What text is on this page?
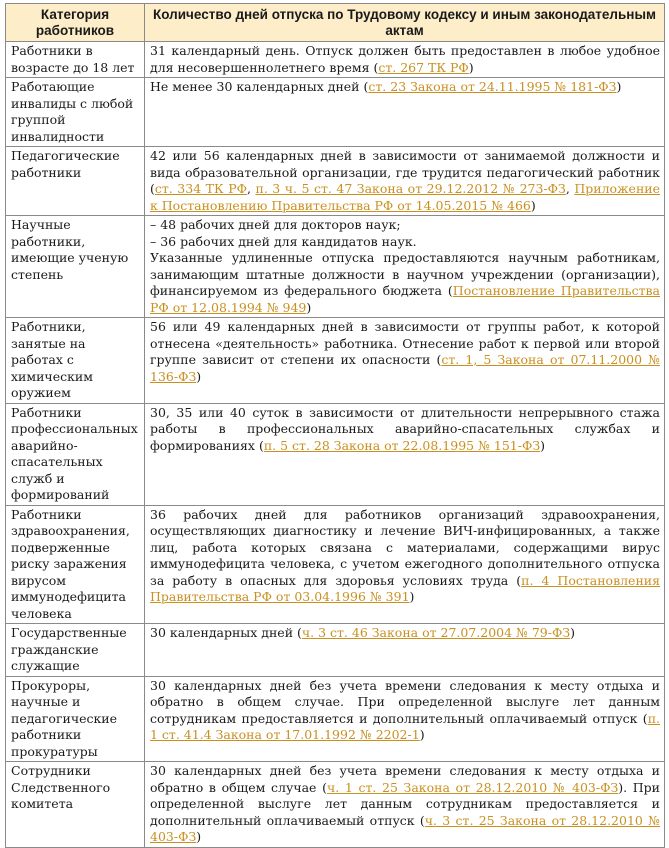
Категория работников	Количество дней отпуска по Трудовому кодексу и иным законодательным актам
Работники в возрасте до 18 лет	31 календарный день. Отпуск должен быть предоставлен в любое удобное для несовершеннолетнего время (ст. 267 ТК РФ)
Работающие инвалиды с любой группой инвалидности	Не менее 30 календарных дней (ст. 23 Закона от 24.11.1995 № 181-ФЗ)
Педагогические работники	42 или 56 календарных дней в зависимости от занимаемой должности и вида образовательной организации, где трудится педагогический работник (ст. 334 ТК РФ, п. 3 ч. 5 ст. 47 Закона от 29.12.2012 № 273-ФЗ, Приложение к Постановлению Правительства РФ от 14.05.2015 № 466)
Научные работники, имеющие ученую степень	– 48 рабочих дней для докторов наук;
– 36 рабочих дней для кандидатов наук.
Указанные удлиненные отпуска предоставляются научным работникам, занимающим штатные должности в научном учреждении (организации), финансируемом из федерального бюджета (Постановление Правительства РФ от 12.08.1994 № 949)
Работники, занятые на работах с химическим оружием	56 или 49 календарных дней в зависимости от группы работ, к которой отнесена «деятельность» работника. Отнесение работ к первой или второй группе зависит от степени их опасности (ст. 1, 5 Закона от 07.11.2000 № 136-ФЗ)
Работники профессиональных аварийно-спасательных служб и формирований	30, 35 или 40 суток в зависимости от длительности непрерывного стажа работы в профессиональных аварийно-спасательных службах и формированиях (п. 5 ст. 28 Закона от 22.08.1995 № 151-ФЗ)
Работники здравоохранения, подверженные риску заражения вирусом иммунодефицита человека	36 рабочих дней для работников организаций здравоохранения, осуществляющих диагностику и лечение ВИЧ-инфицированных, а также лиц, работа которых связана с материалами, содержащими вирус иммунодефицита человека, с учетом ежегодного дополнительного отпуска за работу в опасных для здоровья условиях труда (п. 4 Постановления Правительства РФ от 03.04.1996 № 391)
Государственные гражданские служащие	30 календарных дней (ч. 3 ст. 46 Закона от 27.07.2004 № 79-ФЗ)
Прокуроры, научные и педагогические работники прокуратуры	30 календарных дней без учета времени следования к месту отдыха и обратно в общем случае. При определенной выслуге лет данным сотрудникам предоставляется и дополнительный оплачиваемый отпуск (п. 1 ст. 41.4 Закона от 17.01.1992 № 2202-1)
Сотрудники Следственного комитета	30 календарных дней без учета времени следования к месту отдыха и обратно в общем случае (ч. 1 ст. 25 Закона от 28.12.2010 № 403-ФЗ). При определенной выслуге лет данным сотрудникам предоставляется и дополнительный оплачиваемый отпуск (ч. 3 ст. 25 Закона от 28.12.2010 № 403-ФЗ)
